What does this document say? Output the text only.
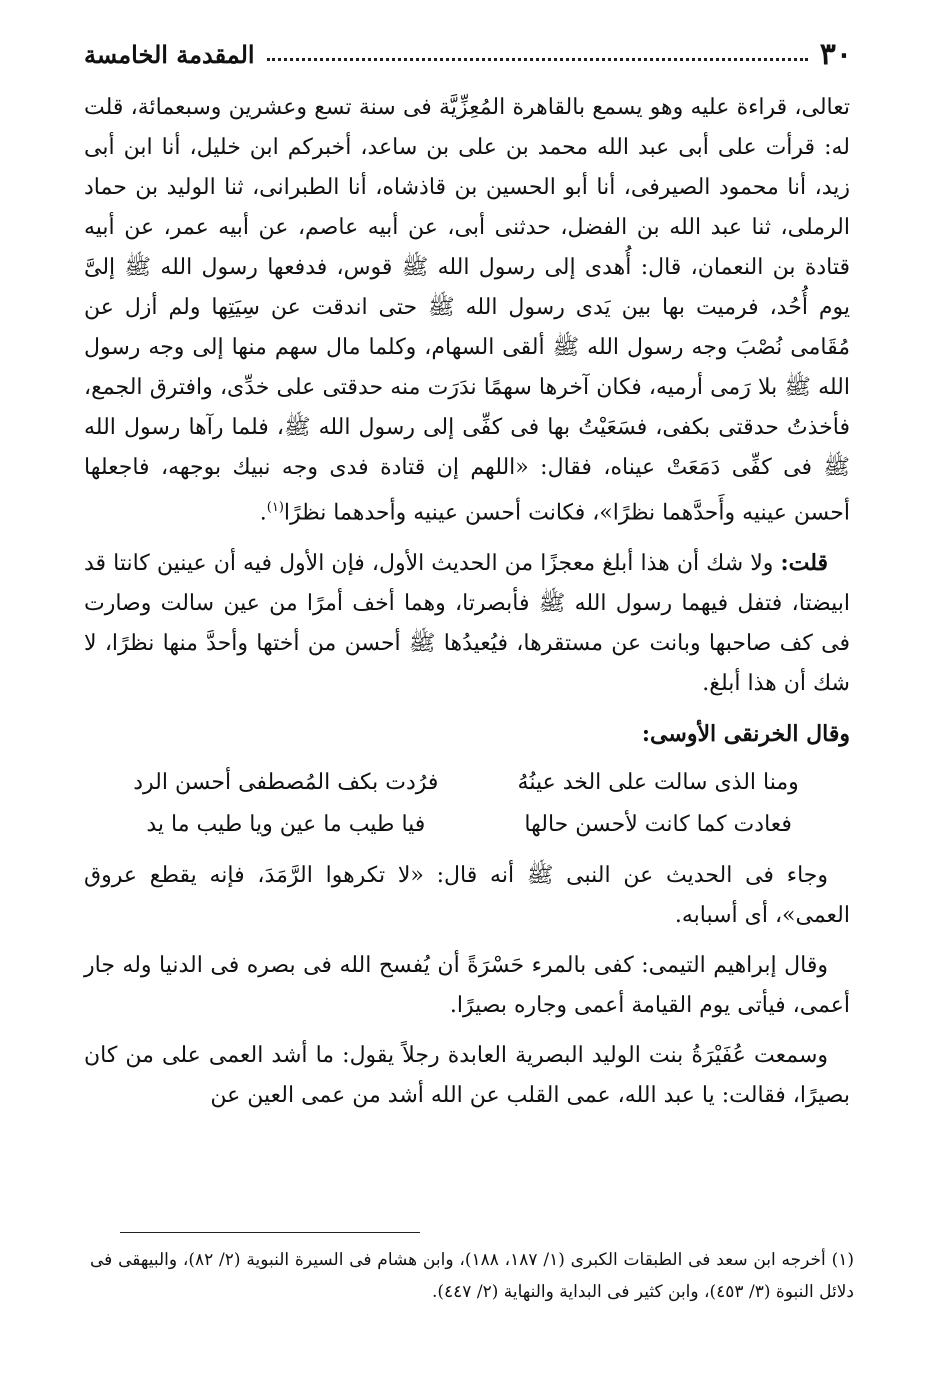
٣٠
المقدمة الخامسة

تعالى، قراءة عليه وهو يسمع بالقاهرة المُعِزِّيَّة فى سنة تسع وعشرين وسبعمائة، قلت له: قرأت على أبى عبد الله محمد بن على بن ساعد، أخبركم ابن خليل، أنا ابن أبى زيد، أنا محمود الصيرفى، أنا أبو الحسين بن قاذشاه، أنا الطبرانى، ثنا الوليد بن حماد الرملى، ثنا عبد الله بن الفضل، حدثنى أبى، عن أبيه عاصم، عن أبيه عمر، عن أبيه قتادة بن النعمان، قال: أُهدى إلى رسول الله ﷺ قوس، فدفعها رسول الله ﷺ إلىَّ يوم أُحُد، فرميت بها بين يَدى رسول الله ﷺ حتى اندقت عن سِيَتِها ولم أزل عن مُقَامى نُصْبَ وجه رسول الله ﷺ ألقى السهام، وكلما مال سهم منها إلى وجه رسول الله ﷺ بلا رَمى أرميه، فكان آخرها سهمًا ندَرَت منه حدقتى على خدِّى، وافترق الجمع، فأخذتُ حدقتى بكفى، فسَعَيْتُ بها فى كفِّى إلى رسول الله ﷺ، فلما رآها رسول الله ﷺ فى كفِّى دَمَعَتْ عيناه، فقال: «اللهم إن قتادة فدى وجه نبيك بوجهه، فاجعلها أحسن عينيه وأَحدَّهما نظرًا»، فكانت أحسن عينيه وأحدهما نظرًا$^{(١)}$.

قلت: ولا شك أن هذا أبلغ معجزًا من الحديث الأول، فإن الأول فيه أن عينين كانتا قد ابيضتا، فتفل فيهما رسول الله ﷺ فأبصرتا، وهما أخف أمرًا من عين سالت وصارت فى كف صاحبها وبانت عن مستقرها، فيُعيدُها ﷺ أحسن من أختها وأحدَّ منها نظرًا، لا شك أن هذا أبلغ.

وقال الخرنقى الأوسى:

ومنا الذى سالت على الخد عينُهُ
فرُدت بكف المُصطفى أحسن الرد
فعادت كما كانت لأحسن حالها
فيا طيب ما عين ويا طيب ما يد

وجاء فى الحديث عن النبى ﷺ أنه قال: «لا تكرهوا الرَّمَدَ، فإنه يقطع عروق العمى»، أى أسبابه.

وقال إبراهيم التيمى: كفى بالمرء حَسْرَةً أن يُفسح الله فى بصره فى الدنيا وله جار أعمى، فيأتى يوم القيامة أعمى وجاره بصيرًا.

وسمعت عُفَيْرَةُ بنت الوليد البصرية العابدة رجلاً يقول: ما أشد العمى على من كان بصيرًا، فقالت: يا عبد الله، عمى القلب عن الله أشد من عمى العين عن

(١) أخرجه ابن سعد فى الطبقات الكبرى (١/ ١٨٧، ١٨٨)، وابن هشام فى السيرة النبوية (٢/ ٨٢)، والبيهقى فى دلائل النبوة (٣/ ٤٥٣)، وابن كثير فى البداية والنهاية (٢/ ٤٤٧).
